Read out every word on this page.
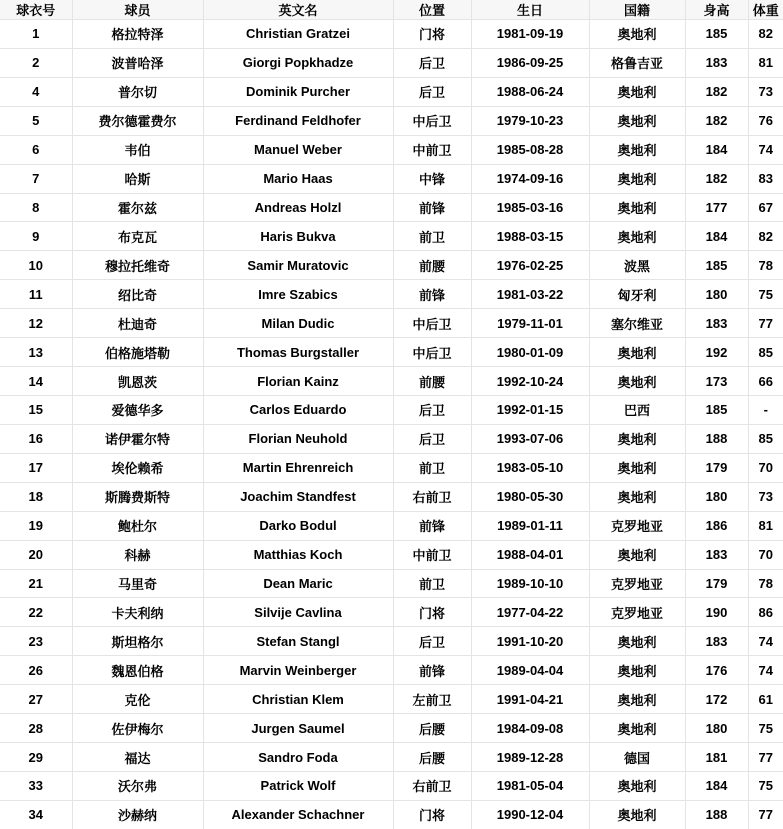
球衣号	球员	英文名	位置	生日	国籍	身高	体重
1	格拉特泽	Christian Gratzei	门将	1981-09-19	奥地利	185	82
2	波普哈泽	Giorgi Popkhadze	后卫	1986-09-25	格鲁吉亚	183	81
4	普尔切	Dominik Purcher	后卫	1988-06-24	奥地利	182	73
5	费尔德霍费尔	Ferdinand Feldhofer	中后卫	1979-10-23	奥地利	182	76
6	韦伯	Manuel Weber	中前卫	1985-08-28	奥地利	184	74
7	哈斯	Mario Haas	中锋	1974-09-16	奥地利	182	83
8	霍尔兹	Andreas Holzl	前锋	1985-03-16	奥地利	177	67
9	布克瓦	Haris Bukva	前卫	1988-03-15	奥地利	184	82
10	穆拉托维奇	Samir Muratovic	前腰	1976-02-25	波黑	185	78
11	绍比奇	Imre Szabics	前锋	1981-03-22	匈牙利	180	75
12	杜迪奇	Milan Dudic	中后卫	1979-11-01	塞尔维亚	183	77
13	伯格施塔勒	Thomas Burgstaller	中后卫	1980-01-09	奥地利	192	85
14	凯恩茨	Florian Kainz	前腰	1992-10-24	奥地利	173	66
15	爱德华多	Carlos Eduardo	后卫	1992-01-15	巴西	185	-
16	诺伊霍尔特	Florian Neuhold	后卫	1993-07-06	奥地利	188	85
17	埃伦赖希	Martin Ehrenreich	前卫	1983-05-10	奥地利	179	70
18	斯腾费斯特	Joachim Standfest	右前卫	1980-05-30	奥地利	180	73
19	鲍杜尔	Darko Bodul	前锋	1989-01-11	克罗地亚	186	81
20	科赫	Matthias Koch	中前卫	1988-04-01	奥地利	183	70
21	马里奇	Dean Maric	前卫	1989-10-10	克罗地亚	179	78
22	卡夫利纳	Silvije Cavlina	门将	1977-04-22	克罗地亚	190	86
23	斯坦格尔	Stefan Stangl	后卫	1991-10-20	奥地利	183	74
26	魏恩伯格	Marvin Weinberger	前锋	1989-04-04	奥地利	176	74
27	克伦	Christian Klem	左前卫	1991-04-21	奥地利	172	61
28	佐伊梅尔	Jurgen Saumel	后腰	1984-09-08	奥地利	180	75
29	福达	Sandro Foda	后腰	1989-12-28	德国	181	77
33	沃尔弗	Patrick Wolf	右前卫	1981-05-04	奥地利	184	75
34	沙赫纳	Alexander Schachner	门将	1990-12-04	奥地利	188	77
